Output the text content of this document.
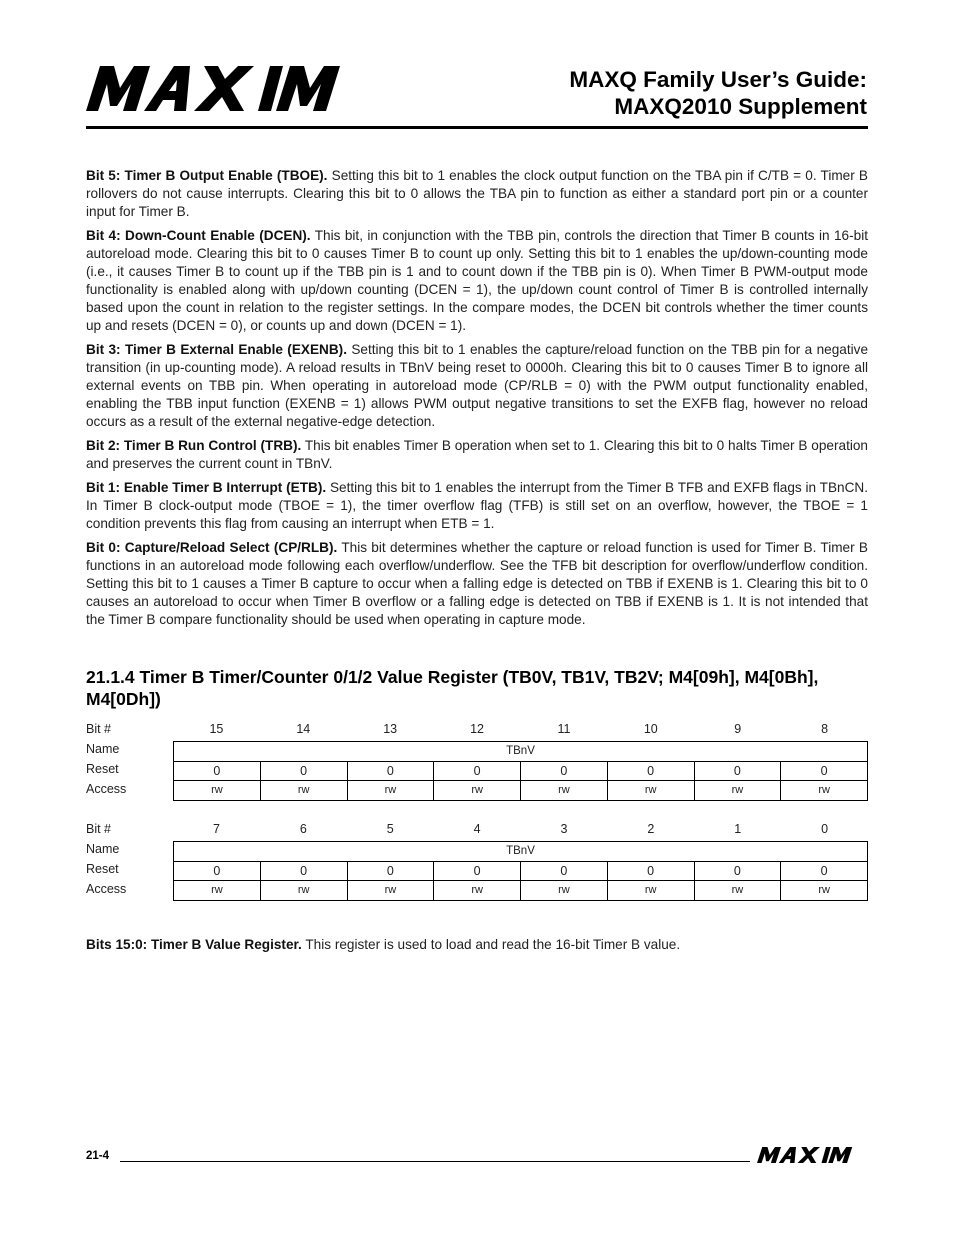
MAXIM
MAXQ Family User’s Guide:
MAXQ2010 Supplement

Bit 5: Timer B Output Enable (TBOE). Setting this bit to 1 enables the clock output function on the TBA pin if C/TB = 0. Timer B rollovers do not cause interrupts. Clearing this bit to 0 allows the TBA pin to function as either a standard port pin or a counter input for Timer B.

Bit 4: Down-Count Enable (DCEN). This bit, in conjunction with the TBB pin, controls the direction that Timer B counts in 16-bit autoreload mode. Clearing this bit to 0 causes Timer B to count up only. Setting this bit to 1 enables the up/down-counting mode (i.e., it causes Timer B to count up if the TBB pin is 1 and to count down if the TBB pin is 0). When Timer B PWM-output mode functionality is enabled along with up/down counting (DCEN = 1), the up/down count control of Timer B is controlled internally based upon the count in relation to the register settings. In the compare modes, the DCEN bit controls whether the timer counts up and resets (DCEN = 0), or counts up and down (DCEN = 1).

Bit 3: Timer B External Enable (EXENB). Setting this bit to 1 enables the capture/reload function on the TBB pin for a negative transition (in up-counting mode). A reload results in TBnV being reset to 0000h. Clearing this bit to 0 causes Timer B to ignore all external events on TBB pin. When operating in autoreload mode (CP/RLB = 0) with the PWM output functionality enabled, enabling the TBB input function (EXENB = 1) allows PWM output negative transitions to set the EXFB flag, however no reload occurs as a result of the external negative-edge detection.

Bit 2: Timer B Run Control (TRB). This bit enables Timer B operation when set to 1. Clearing this bit to 0 halts Timer B operation and preserves the current count in TBnV.

Bit 1: Enable Timer B Interrupt (ETB). Setting this bit to 1 enables the interrupt from the Timer B TFB and EXFB flags in TBnCN. In Timer B clock-output mode (TBOE = 1), the timer overflow flag (TFB) is still set on an overflow, however, the TBOE = 1 condition prevents this flag from causing an interrupt when ETB = 1.

Bit 0: Capture/Reload Select (CP/RLB). This bit determines whether the capture or reload function is used for Timer B. Timer B functions in an autoreload mode following each overflow/underflow. See the TFB bit description for overflow/underflow condition. Setting this bit to 1 causes a Timer B capture to occur when a falling edge is detected on TBB if EXENB is 1. Clearing this bit to 0 causes an autoreload to occur when Timer B overflow or a falling edge is detected on TBB if EXENB is 1. It is not intended that the Timer B compare functionality should be used when operating in capture mode.

21.1.4 Timer B Timer/Counter 0/1/2 Value Register (TB0V, TB1V, TB2V; M4[09h], M4[0Bh], M4[0Dh])
Bit #	15	14	13	12	11	10	9	8
Name	TBnV
Reset	0	0	0	0	0	0	0	0
Access	rw	rw	rw	rw	rw	rw	rw	rw
Bit #	7	6	5	4	3	2	1	0
Name	TBnV
Reset	0	0	0	0	0	0	0	0
Access	rw	rw	rw	rw	rw	rw	rw	rw
Bits 15:0: Timer B Value Register. This register is used to load and read the 16-bit Timer B value.
21-4
